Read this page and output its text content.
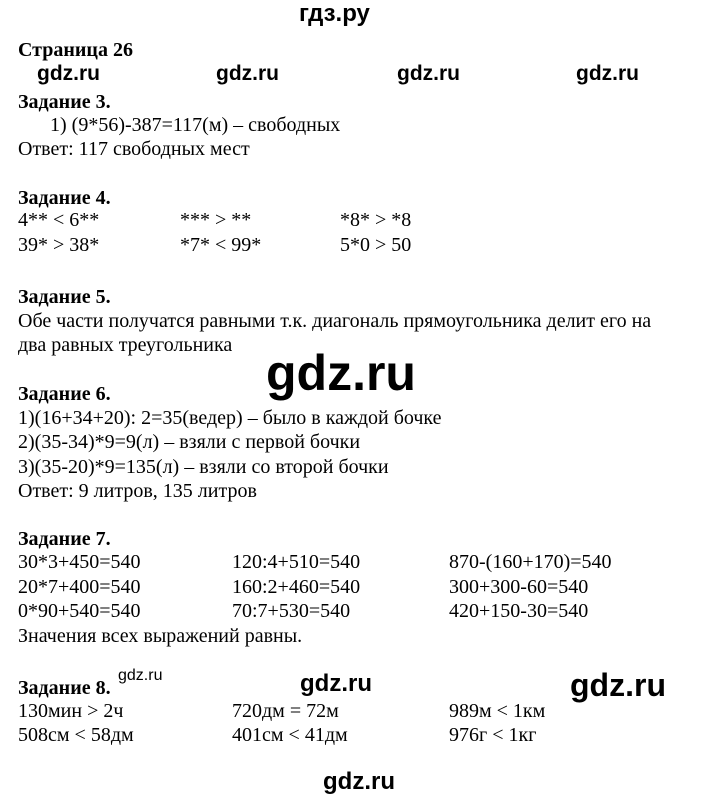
гдз.ру
Страница 26
gdz.ru	gdz.ru	gdz.ru	gdz.ru
Задание 3.
1) (9*56)-387=117(м) – свободных
Ответ: 117 свободных мест
Задание 4.
4** < 6**	*** > **	*8* > *8
39* > 38*	*7* < 99*	5*0 > 50
Задание 5.
Обе части получатся равными т.к. диагональ прямоугольника делит его на
два равных треугольника gdz.ru
Задание 6.
1)(16+34+20): 2=35(ведер) – было в каждой бочке
2)(35-34)*9=9(л) – взяли с первой бочки
3)(35-20)*9=135(л) – взяли со второй бочки
Ответ: 9 литров, 135 литров
Задание 7.
30*3+450=540	120:4+510=540	870-(160+170)=540
20*7+400=540	160:2+460=540	300+300-60=540
0*90+540=540	70:7+530=540	420+150-30=540
Значения всех выражений равны.
Задание 8.
gdz.ru	gdz.ru	gdz.ru
130мин > 2ч	720дм = 72м	989м < 1км
508см < 58дм	401см < 41дм	976г < 1кг
gdz.ru
